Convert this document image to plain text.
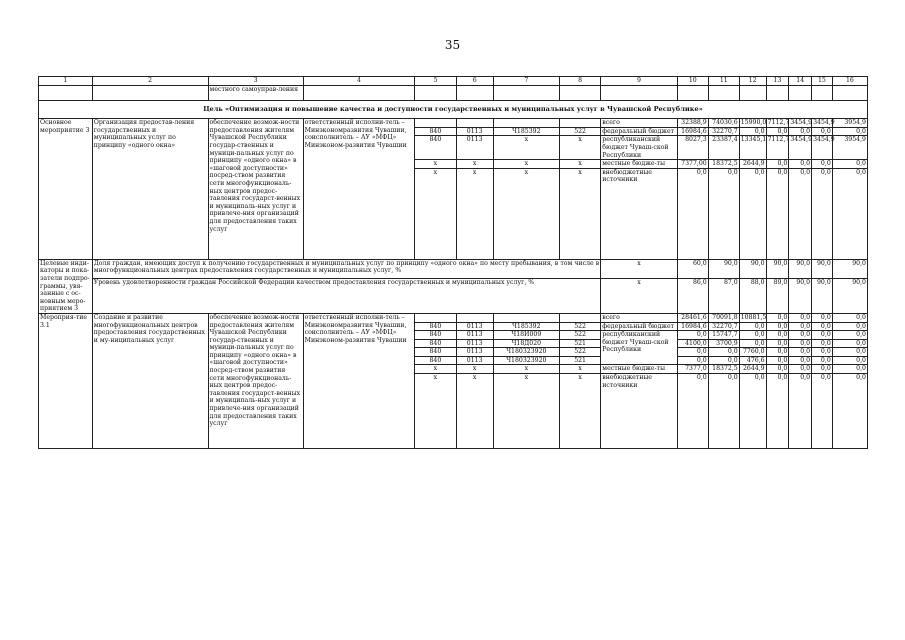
35
1	2	3	4	5	6	7	8	9	10	11	12	13	14	15	16
		местного самоуправ-ления													
Цель «Оптимизация и повышение качества и доступности государственных и муниципальных услуг в Чувашской Республике»															
Основное мероприятие 3	Организация предостав-ления государственных и муниципальных услуг по принципу «одного окна»	обеспечение возмож-ности предоставления жителям Чувашской Республики государ-ственных и муници-пальных услуг по принципу «одного окна» в «шаговой доступности» посред-ством развития сети многофункциональ-ных центров предос-тавления государст-венных и муниципаль-ных услуг и привлече-ния организаций для предоставления таких услуг	ответственный исполни-тель – Минэкономразвития Чувашии, соисполнитель – АУ «МФЦ» Минэконом-развития Чувашии					всего	32388,9	74030,6	15990,0	7112,7	3454,9	3454,9	3954,9
				840	0113	Ч185392	522	федеральный бюджет	16984,6	32270,7	0,0	0,0	0,0	0,0	0,0
				840	0113	x	x	республиканский бюджет Чуваш-ской Республики	8027,3	23387,4	13345,1	7112,7	3454,9	3454,9	3954,9
				x	x	x	x	местные бюдже-ты	7377,00	18372,5	2644,9	0,0	0,0	0,0	0,0
				x	x	x	x	внебюджетные источники	0,0	0,0	0,0	0,0	0,0	0,0	0,0
Целевые инди-каторы и пока-затели подпро-граммы, увя-занные с ос-новным меро-приятием 3	Доля граждан, имеющих доступ к получению государственных и муниципальных услуг по принципу «одного окна» по месту пребывания, в том числе в многофункциональных центрах предоставления государственных и муниципальных услуг, %							x	60,0	90,0	90,0	90,0	90,0	90,0	90,0
	Уровень удовлетворенности граждан Российской Федерации качеством предоставления государственных и муниципальных услуг, %							x	86,0	87,0	88,0	89,0	90,0	90,0	90,0
Мероприя-тие 3.1	Создание и развитие многофункциональных центров предоставления государственных и му-ниципальных услуг	обеспечение возмож-ности предоставления жителям Чувашской Республики государ-ственных и муници-пальных услуг по принципу «одного окна» в «шаговой доступности» посред-ством развития сети многофункциональ-ных центров предос-тавления государст-венных и муниципаль-ных услуг и привлече-ния организаций для предоставления таких услуг	ответственный исполни-тель – Минэкономразвития Чувашии, соисполнитель – АУ «МФЦ» Минэконом-развития Чувашии					всего	28461,6	70091,8	10881,5	0,0	0,0	0,0	0,0
				840	0113	Ч185392	522	федеральный бюджет	16984,6	32270,7	0,0	0,0	0,0	0,0	0,0
				840	0113	Ч18И009	522	республиканский бюджет Чуваш-ской Республики	0,0	15747,7	0,0	0,0	0,0	0,0	0,0
				840	0113	Ч18Д020	521		4100,0	3700,9	0,0	0,0	0,0	0,0	0,0
				840	0113	Ч180323920	522		0,0	0,0	7760,0	0,0	0,0	0,0	0,0
				840	0113	Ч180323920	521		0,0	0,0	476,6	0,0	0,0	0,0	0,0
				x	x	x	x	местные бюдже-ты	7377,0	18372,5	2644,9	0,0	0,0	0,0	0,0
				x	x	x	x	внебюджетные источники	0,0	0,0	0,0	0,0	0,0	0,0	0,0
